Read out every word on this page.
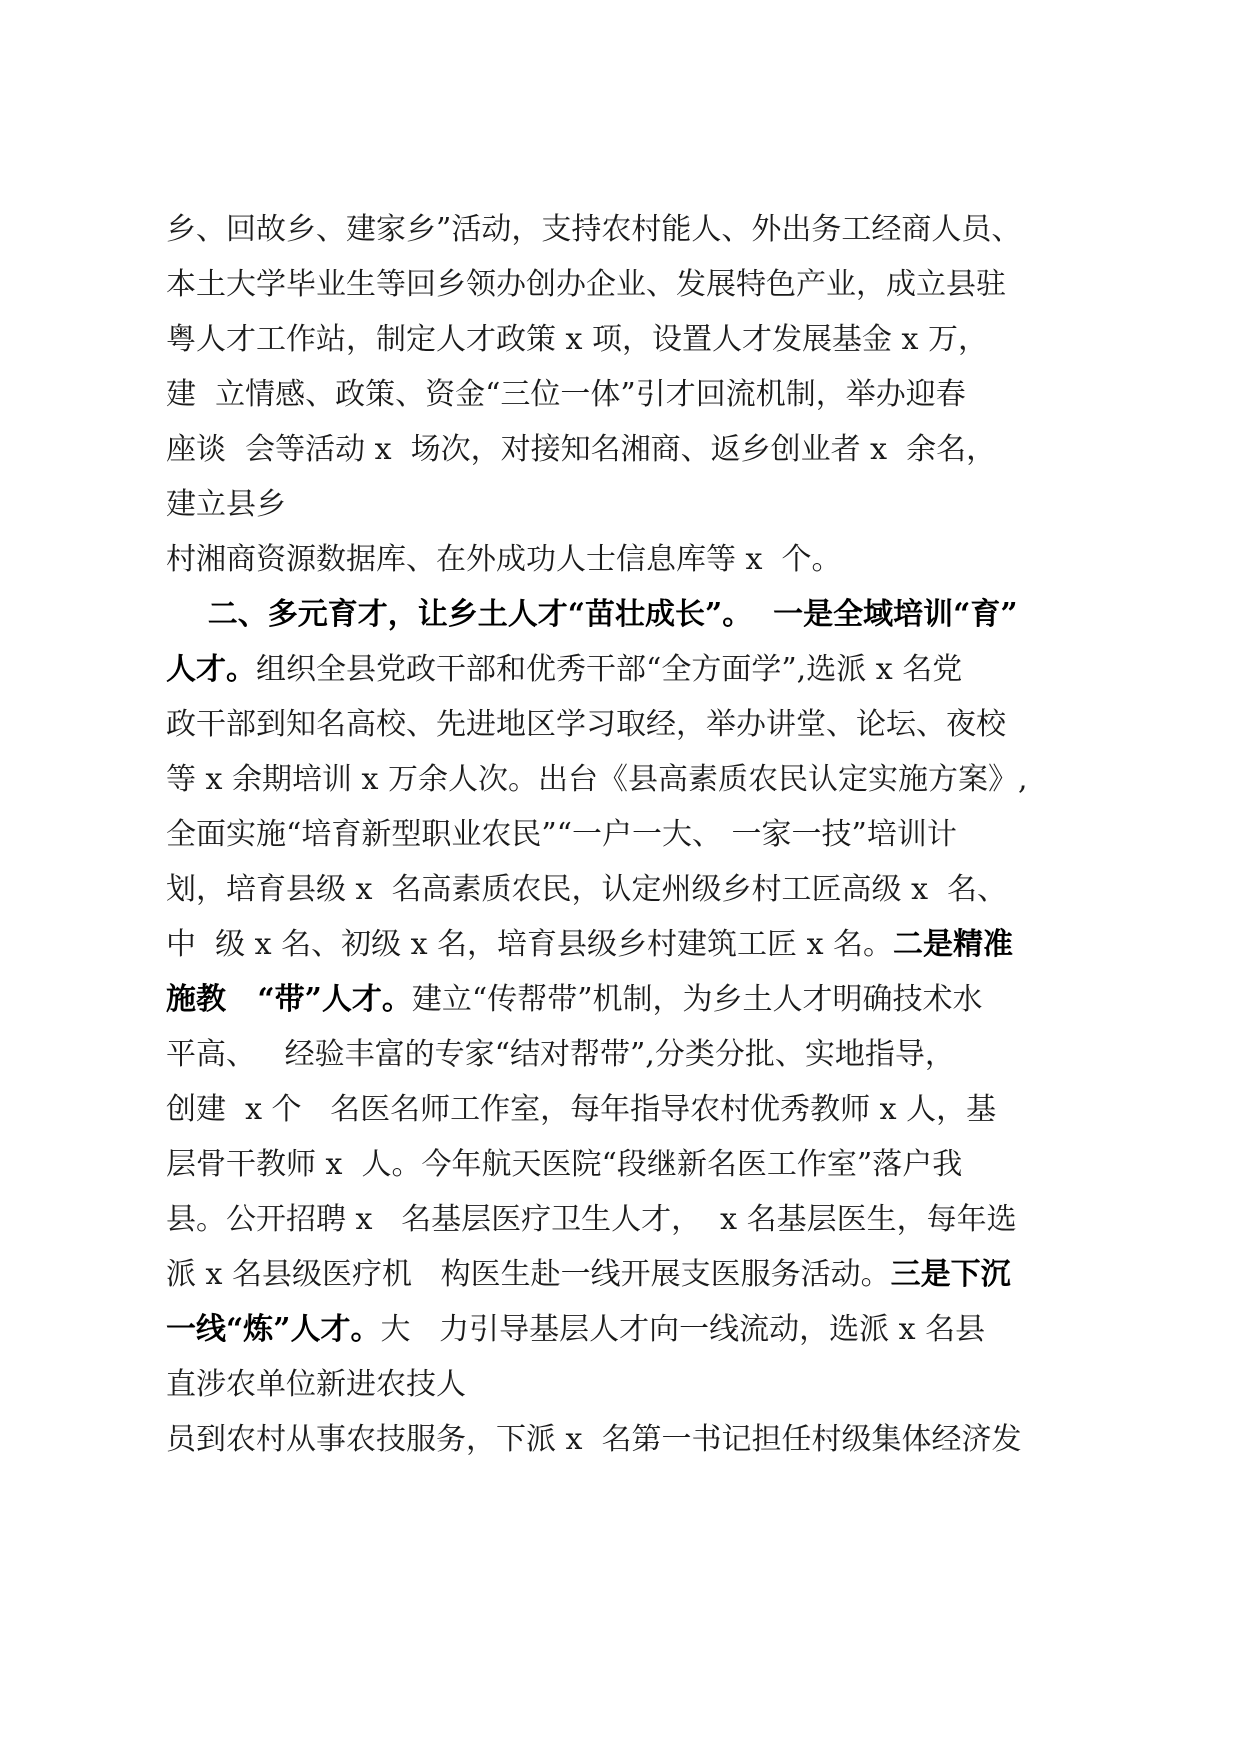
乡、回故乡、建家乡”活动，支持农村能人、外出务工经商人员、
本土大学毕业生等回乡领办创办企业、发展特色产业，成立县驻
粤人才工作站，制定人才政策 x 项，设置人才发展基金 x 万，
建  立情感、政策、资金“三位一体”引才回流机制，举办迎春
座谈  会等活动 x  场次，对接知名湘商、返乡创业者 x  余名，
建立县乡
村湘商资源数据库、在外成功人士信息库等 x  个。
二、多元育才，让乡土人才“苗壮成长”。  一是全域培训“育”
人才。组织全县党政干部和优秀干部“全方面学”,选派 x 名党
政干部到知名高校、先进地区学习取经，举办讲堂、论坛、夜校
等 x 余期培训 x 万余人次。出台《县高素质农民认定实施方案》,
全面实施“培育新型职业农民”“一户一大、 一家一技”培训计
划，培育县级 x  名高素质农民，认定州级乡村工匠高级 x  名、
中  级 x 名、初级 x 名，培育县级乡村建筑工匠 x 名。二是精准
施教   “带”人才。建立“传帮带”机制，为乡土人才明确技术水
平高、   经验丰富的专家“结对帮带”,分类分批、实地指导，
创建  x 个   名医名师工作室，每年指导农村优秀教师 x 人，基
层骨干教师 x  人。今年航天医院“段继新名医工作室”落户我
县。公开招聘 x   名基层医疗卫生人才，  x 名基层医生，每年选
派 x 名县级医疗机   构医生赴一线开展支医服务活动。三是下沉
一线“炼”人才。大   力引导基层人才向一线流动，选派 x 名县
直涉农单位新进农技人
员到农村从事农技服务，下派 x  名第一书记担任村级集体经济发
